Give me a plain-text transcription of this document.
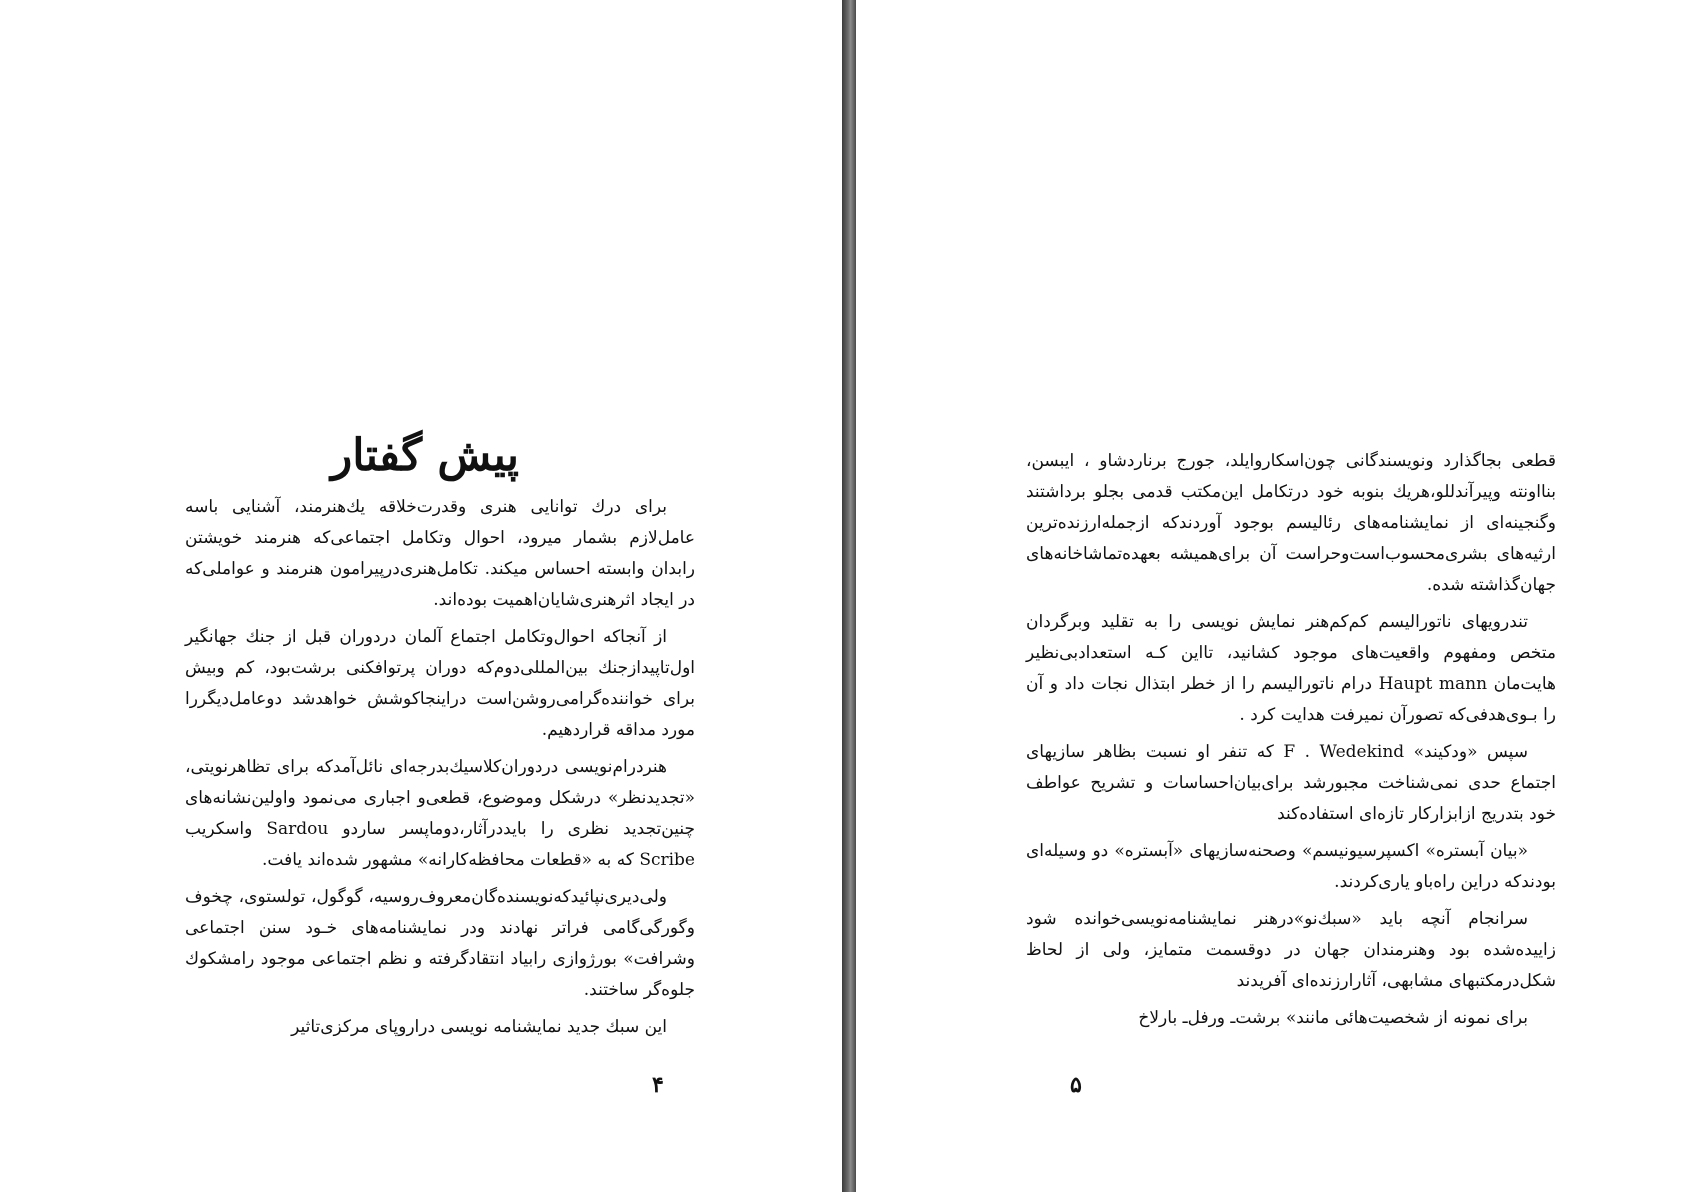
پیش گفتار

برای درك توانایی هنری وقدرت‌خلاقه یك‌هنرمند، آشنایی باسه عامل‌لازم بشمار میرود، احوال وتکامل اجتماعی‌که هنرمند خویشتن رابدان وابسته احساس میکند. تکامل‌هنری‌درپیرامون هنرمند و عواملی‌که در ایجاد اثرهنری‌شایان‌اهمیت بوده‌اند.

از آنجاکه احوال‌وتکامل اجتماع آلمان دردوران قبل از جنك جهانگیر اول‌تاپیدازجنك بین‌المللی‌دوم‌که دوران پرتوافکنی برشت‌بود، کم وبیش برای خواننده‌گرامی‌روشن‌است دراینجاکوشش خواهدشد دوعامل‌دیگررا مورد مداقه قراردهیم.

هنردرام‌نویسی دردوران‌کلاسیك‌بدرجه‌ای نائل‌آمدکه برای تظاهرنویتی، «تجدیدنظر» درشکل وموضوع، قطعی‌و اجباری می‌نمود واولین‌نشانه‌های چنین‌تجدید نظری را بایددرآثار،دوماپسر ساردو Sardou واسکریب Scribe که به «قطعات محافظه‌کارانه» مشهور شده‌اند یافت.

ولی‌دیری‌نپائیدکه‌نویسنده‌گان‌معروف‌روسیه، گوگول، تولستوی، چخوف وگورگی‌گامی فراتر نهادند ودر نمایشنامه‌های خـود سنن اجتماعی وشرافت» بورژوازی رابیاد انتقادگرفته و نظم اجتماعی موجود رامشکوك جلوه‌گر ساختند.

این سبك جدید نمایشنامه نویسی دراروپای مرکزی‌تاثیر

۴

قطعی بجاگذارد ونویسندگانی چون‌اسکاروایلد، جورج برناردشاو ، ایبسن، بنااونته وپیرآندللو،هریك بنوبه خود درتکامل این‌مکتب قدمی بجلو برداشتند وگنجینه‌ای از نمایشنامه‌های رئالیسم بوجود آوردندکه ازجمله‌ارزنده‌ترین ارثیه‌های بشری‌محسوب‌است‌وحراست آن برای‌همیشه بعهده‌تماشاخانه‌های جهان‌گذاشته شده.

تندرویهای ناتورالیسم کم‌کم‌هنر نمایش نویسی را به تقلید وبرگردان متخص ومفهوم واقعیت‌های موجود کشانید، تااین کـه استعدادبی‌نظیر هایت‌مان Haupt mann درام ناتورالیسم را از خطر ابتذال نجات داد و آن را بـوی‌هدفی‌که تصورآن نمیرفت هدایت کرد .

سپس «ودکیند» F . Wedekind که تنفر او نسبت بظاهر سازیهای اجتماع حدی نمی‌شناخت مجبورشد برای‌بیان‌احساسات و تشریح عواطف خود بتدریج ازابزارکار تازه‌ای استفاده‌کند

«بیان آبستره» اکسپرسیونیسم» وصحنه‌سازیهای «آبستره» دو وسیله‌ای بودندکه دراین راه‌باو یاری‌کردند.

سرانجام آنچه باید «سبك‌نو»درهنر نمایشنامه‌نویسی‌خوانده شود زاییده‌شده بود وهنرمندان جهان در دوقسمت متمایز، ولی از لحاظ شکل‌درمکتبهای مشابهی، آثارارزنده‌ای آفریدند

برای نمونه از شخصیت‌هائی مانند» برشت‌ـ ورفل‌ـ بارلاخ

۵
